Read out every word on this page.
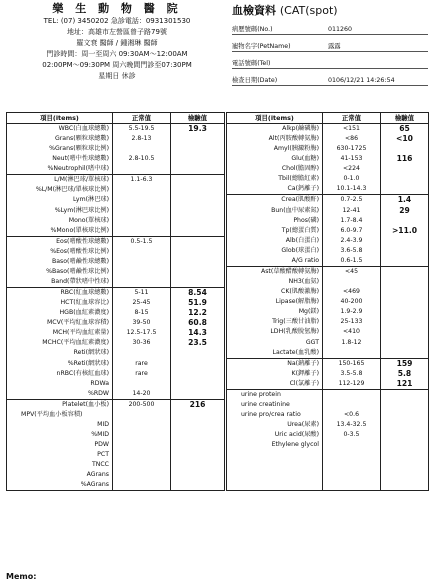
樂 生 動 物 醫 院
TEL: (07) 3450202 急診電話：0931301530
地址：高雄市左營區曾子路79號
羅文衰 醫師 / 鍾湘琳 醫師
門診時間：周一至周六 09:30AM～12:00AM
02:00PM～09:30PM 周六晚間門診至07:30PM
星期日 休診
血檢資料 (CAT(spot)
病歷號碼(No.)	011260
寵物名字(PetName)	露露
電話號碼(Tel)
檢查日期(Date)	0106/12/21 14:26:54
項目(items)	正常值	檢驗值
WBC(白血球總數)	5.5-19.5	19.3
Grans(顆粒球總數)	2.8-13	
%Grans(顆粒球比例)		
Neut(嗜中性球總數)	2.8-10.5	
%Neutrophil(嗜中球)		
L/M(淋巴球/單核球)	1.1-6.3	
%L/M(淋巴球/單核球比例)		
Lym(淋巴球)		
%Lym(淋巴球比例)		
Mono(單核球)		
%Mono(單核球比例)		
Eos(嗜酸性球總數)	0.5-1.5	
%Eos(嗜酸性球比例)		
Baso(嗜鹼性球總數)		
%Baso(嗜鹼性球比例)		
Band(帶狀嗜中性球)		
RBC(紅血球總數)	5-11	8.54
HCT(紅血球容比)	25-45	51.9
HGB(血紅素濃度)	8-15	12.2
MCV(平均紅血球容積)	39-50	60.8
MCH(平均血紅素量)	12.5-17.5	14.3
MCHC(平均血紅素濃度)	30-36	23.5
Reti(網狀球)		
%Reti(網狀球)	rare	
nRBC(有核紅血球)	rare	
RDWa		
%RDW	14-20	
Platelet(血小板)	200-500	216
MPV(平均血小板容積)		
MID		
%MID		
PDW		
PCT		
TNCC		
AGrans		
%AGrans		
項目(items)	正常值	檢驗值
Alkp(鹼磷脢)	<151	65
Alt(丙胺酸轉氨脢)	<86	<10
Amyl(胰澱粉脢)	630-1725	
Glu(血糖)	41-153	116
Chol(膽固醇)	<224	
Tbil(總膽紅素)	0-1.0	
Ca(鈣離子)	10.1-14.3	
Crea(肌酸酐)	0.7-2.5	1.4
Bun(血中尿素氮)	12-41	29
Phos(磷)	1.7-8.4	
Tp(總蛋白質)	6.0-9.7	>11.0
Alb(白蛋白)	2.4-3.9	
Glob(球蛋白)	3.6-5.8	
A/G ratio	0.6-1.5	
Ast(草酸醋酸轉氨脢)	<45	
NH3(血氨)		
CK(肌酸激脢)	<469	
Lipase(解脂脢)	40-200	
Mg(鎂)	1.9-2.9	
Trig(三酸甘油脂)	25-133	
LDH(乳酸脫氫脢)	<410	
GGT	1.8-12	
Lactate(血乳酸)		
Na(鈉離子)	150-165	159
K(鉀離子)	3.5-5.8	5.8
Cl(氯離子)	112-129	121
urine protein		
urine creatinine		
urine pro/crea ratio	<0.6	
Urea(尿素)	13.4-32.5	
Uric acid(尿酸)	0-3.5	
Ethylene glycol		

Memo:
